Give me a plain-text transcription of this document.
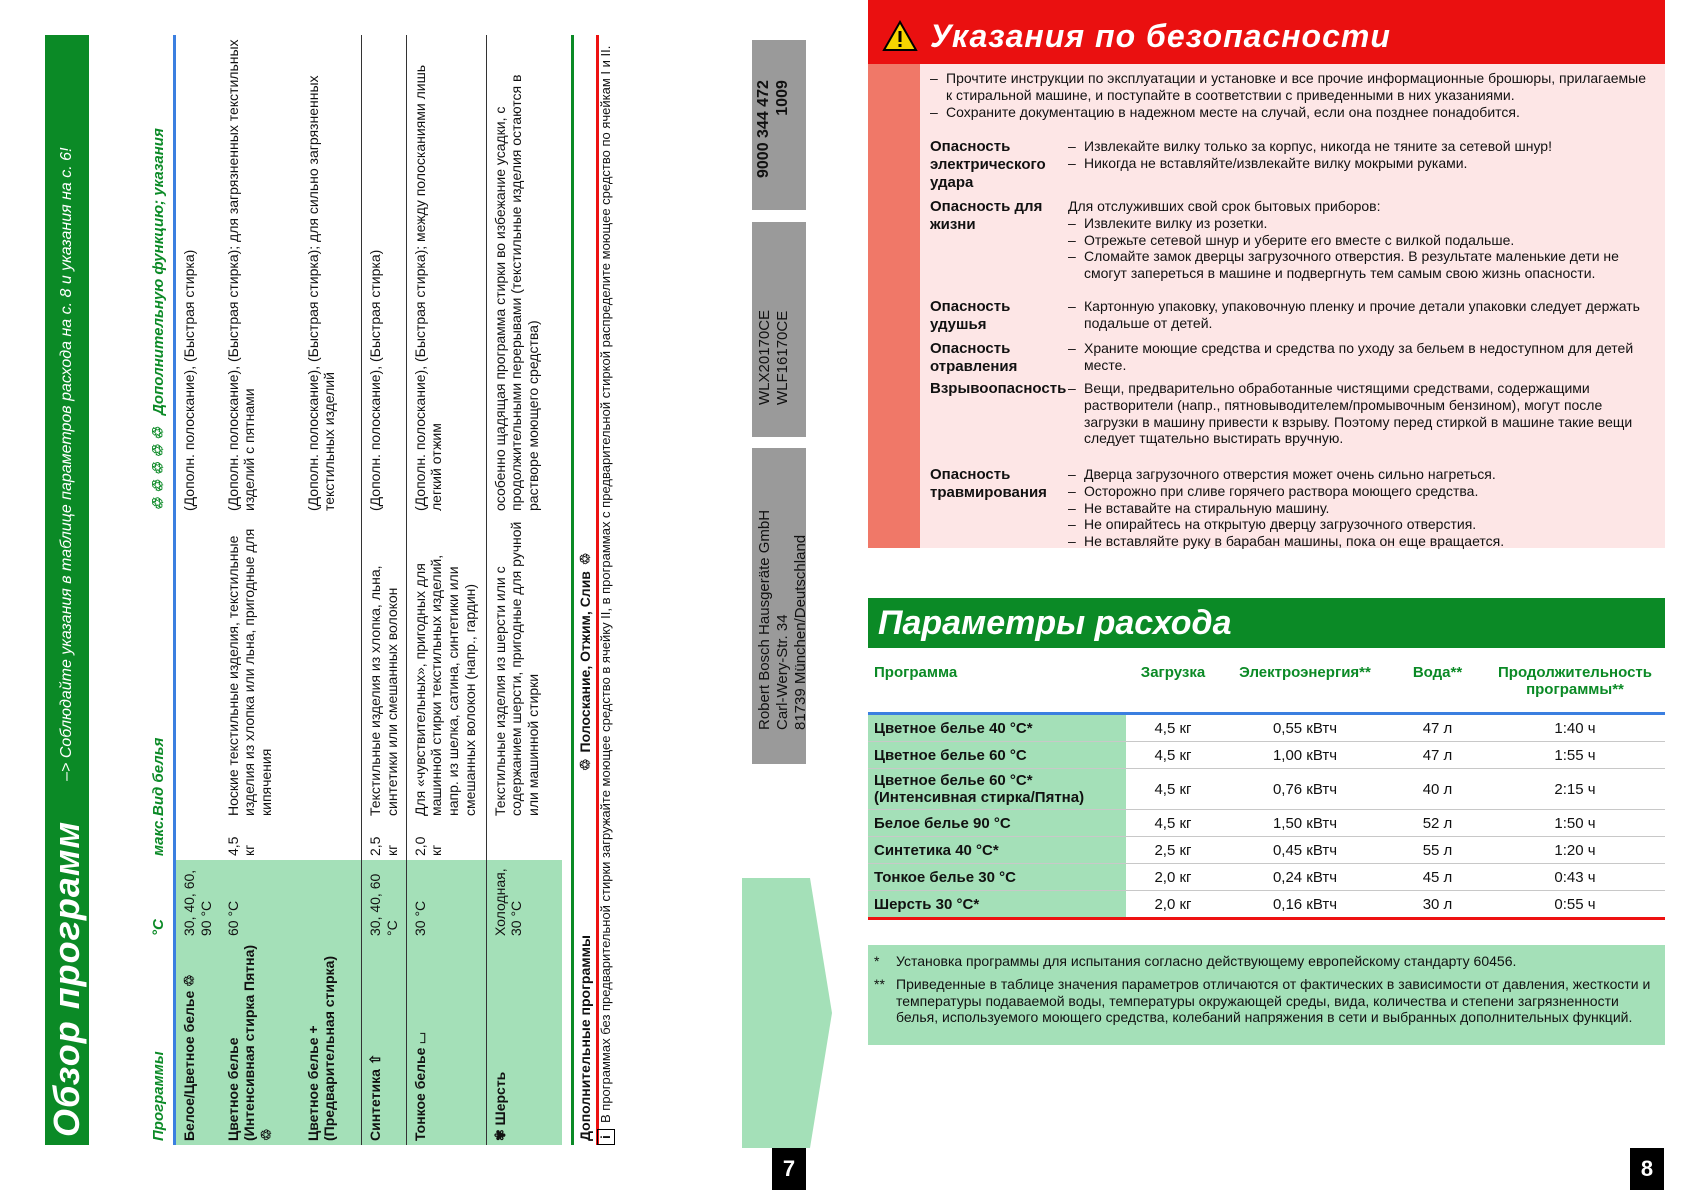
Обзор программ
–> Соблюдайте указания в таблице параметров расхода на с. 8 и указания на с. 6!
Программы	°C	макс.	Вид белья	♲ ♲ ♲ ♲ ♲ Дополнительную функцию; указания
Белое/Цветное белье ♲	30, 40, 60, 90 °C			(Дополн. полоскание), (Быстрая стирка)
Цветное белье (Интенсивная стирка Пятна) ♲	60 °C	4,5 кг	Ноские текстильные изделия, текстильные изделия из хлопка или льна, пригодные для кипячения	(Дополн. полоскание), (Быстрая стирка); для загрязненных текстильных изделий с пятнами
Цветное белье + (Предварительная стирка)				(Дополн. полоскание), (Быстрая стирка); для сильно загрязненных текстильных изделий
Синтетика ⇧	30, 40, 60 °C	2,5 кг	Текстильные изделия из хлопка, льна, синтетики или смешанных волокон	(Дополн. полоскание), (Быстрая стирка)
Тонкое белье ⌴	30 °C	2,0 кг	Для «чувствительных», пригодных для машинной стирки текстильных изделий, напр. из шелка, сатина, синтетики или смешанных волокон (напр., гардин)	(Дополн. полоскание), (Быстрая стирка); между полосканиями лишь легкий отжим
✾ Шерсть	Холодная, 30 °C		Текстильные изделия из шерсти или с содержанием шерсти, пригодные для ручной или машинной стирки	особенно щадящая программа стирки во избежание усадки, с продолжительными перерывами (текстильные изделия остаются в растворе моющего средства)
Дополнительные программы
♲
Полоскание, Отжим, Слив
♲
iВ программах без предварительной стирки загружайте моющее средство в ячейку II, в программах с предварительной стиркой распределите моющее средство по ячейкам I и II.	9000 344 472 1009
WLX20170CE WLF16170CE
Robert Bosch Hausgeräte GmbH Carl-Wery-Str. 34 81739 München/Deutschland
7
Указания по безопасности
– Прочтите инструкции по эксплуатации и установке и все прочие информационные брошюры, прилагаемые к стиральной машине, и поступайте в соответствии с приведенными в них указаниями.
– Сохраните документацию в надежном месте на случай, если она позднее понадобится.
Опасность электрического удара
– Извлекайте вилку только за корпус, никогда не тяните за сетевой шнур!
– Никогда не вставляйте/извлекайте вилку мокрыми руками.
Опасность для жизни
Для отслуживших свой срок бытовых приборов:
– Извлеките вилку из розетки.
– Отрежьте сетевой шнур и уберите его вместе с вилкой подальше.
– Сломайте замок дверцы загрузочного отверстия. В результате маленькие дети не смогут запереться в машине и подвергнуть тем самым свою жизнь опасности.
Опасность удушья
– Картонную упаковку, упаковочную пленку и прочие детали упаковки следует держать подальше от детей.
Опасность отравления
– Храните моющие средства и средства по уходу за бельем в недоступном для детей месте.
Взрывоопасность – Вещи, предварительно обработанные чистящими средствами, содержащими растворители (напр., пятновыводителем/промывочным бензином), могут после загрузки в машину привести к взрыву. Поэтому перед стиркой в машине такие вещи следует тщательно выстирать вручную.
Опасность травмирования
– Дверца загрузочного отверстия может очень сильно нагреться.
– Осторожно при сливе горячего раствора моющего средства.
– Не вставайте на стиральную машину.
– Не опирайтесь на открытую дверцу загрузочного отверстия.
– Не вставляйте руку в барабан машины, пока он еще вращается.
Параметры расхода
Программа	Загрузка	Электроэнергия**	Вода**	Продолжительность программы**
Цветное белье 40 °C*	4,5 кг	0,55 кВтч	47 л	1:40 ч
Цветное белье 60 °C	4,5 кг	1,00 кВтч	47 л	1:55 ч
Цветное белье 60 °C* (Интенсивная стирка/Пятна)	4,5 кг	0,76 кВтч	40 л	2:15 ч
Белое белье 90 °C	4,5 кг	1,50 кВтч	52 л	1:50 ч
Синтетика 40 °C*	2,5 кг	0,45 кВтч	55 л	1:20 ч
Тонкое белье 30 °C	2,0 кг	0,24 кВтч	45 л	0:43 ч
Шерсть 30 °C*	2,0 кг	0,16 кВтч	30 л	0:55 ч
*	Установка программы для испытания согласно действующему европейскому стандарту 60456.
** Приведенные в таблице значения параметров отличаются от фактических в зависимости от давления, жесткости и температуры подаваемой воды, температуры окружающей среды, вида, количества и степени загрязненности белья, используемого моющего средства, колебаний напряжения в сети и выбранных дополнительных функций.
8
